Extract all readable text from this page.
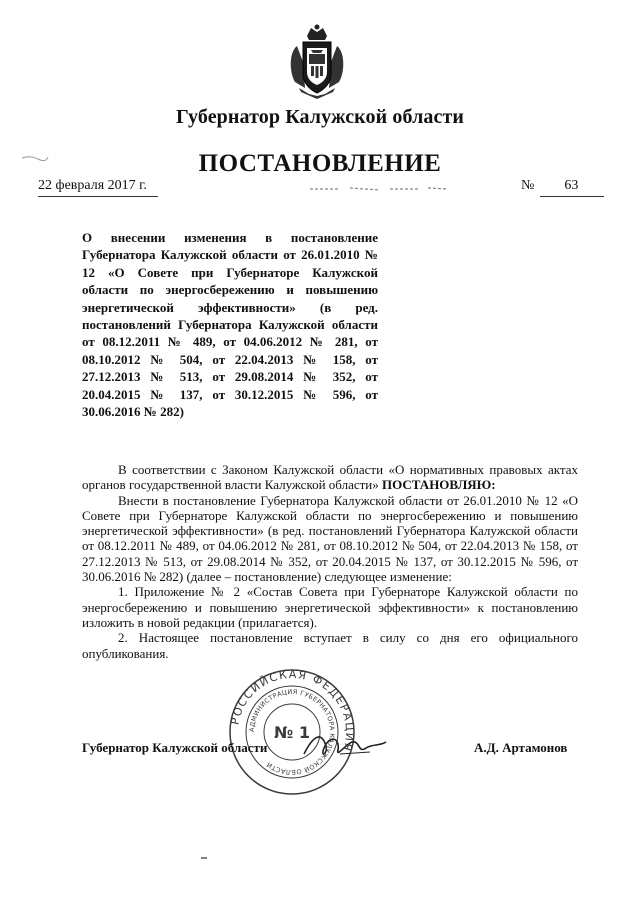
Губернатор Калужской области
ПОСТАНОВЛЕНИЕ
22 февраля 2017 г.	№ 63
О внесении изменения в постановление Губернатора Калужской области от 26.01.2010 № 12 «О Совете при Губернаторе Калужской области по энергосбережению и повышению энергетической эффективности» (в ред. постановлений Губернатора Калужской области от 08.12.2011 № 489, от 04.06.2012 № 281, от 08.10.2012 № 504, от 22.04.2013 № 158, от 27.12.2013 № 513, от 29.08.2014 № 352, от 20.04.2015 № 137, от 30.12.2015 № 596, от 30.06.2016 № 282)

В соответствии с Законом Калужской области «О нормативных правовых актах органов государственной власти Калужской области» ПОСТАНОВЛЯЮ:

Внести в постановление Губернатора Калужской области от 26.01.2010 № 12 «О Совете при Губернаторе Калужской области по энергосбережению и повышению энергетической эффективности» (в ред. постановлений Губернатора Калужской области от 08.12.2011 № 489, от 04.06.2012 № 281, от 08.10.2012 № 504, от 22.04.2013 № 158, от 27.12.2013 № 513, от 29.08.2014 № 352, от 20.04.2015 № 137, от 30.12.2015 № 596, от 30.06.2016 № 282) (далее – постановление) следующее изменение:

1. Приложение № 2 «Состав Совета при Губернаторе Калужской области по энергосбережению и повышению энергетической эффективности» к постановлению изложить в новой редакции (прилагается).

2. Настоящее постановление вступает в силу со дня его официального опубликования.

РОССИЙСКАЯ ФЕДЕРАЦИЯ
АДМИНИСТРАЦИЯ ГУБЕРНАТОРА КАЛУЖСКОЙ ОБЛАСТИ
№ 1
Губернатор Калужской области	А.Д. Артамонов
